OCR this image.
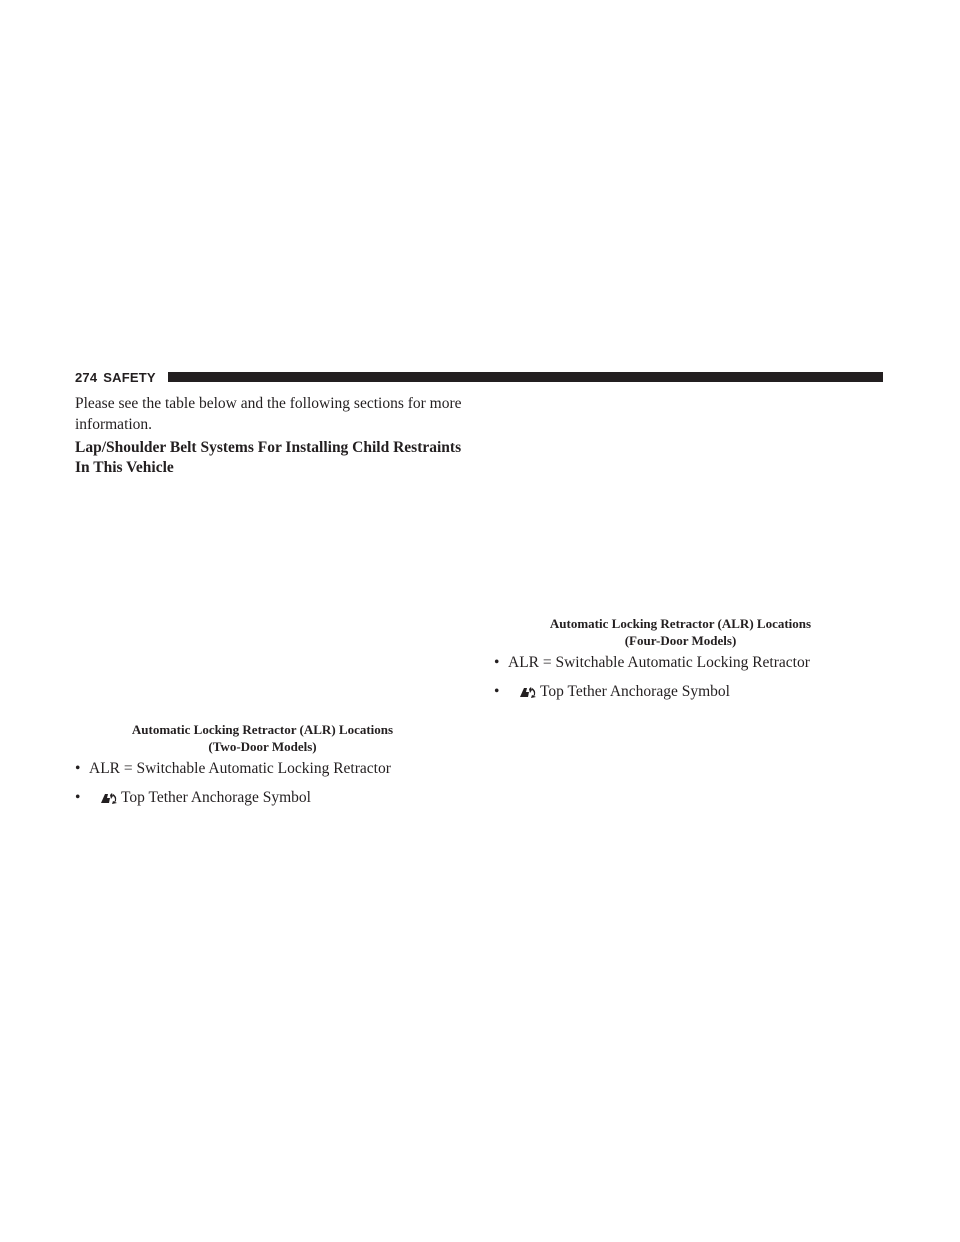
274 SAFETY
Please see the table below and the following sections for more information.
Lap/Shoulder Belt Systems For Installing Child Restraints In This Vehicle
Automatic Locking Retractor (ALR) Locations
(Two-Door Models)
• ALR = Switchable Automatic Locking Retractor
•	Top Tether Anchorage Symbol
Automatic Locking Retractor (ALR) Locations
(Four-Door Models)
• ALR = Switchable Automatic Locking Retractor
•	Top Tether Anchorage Symbol
